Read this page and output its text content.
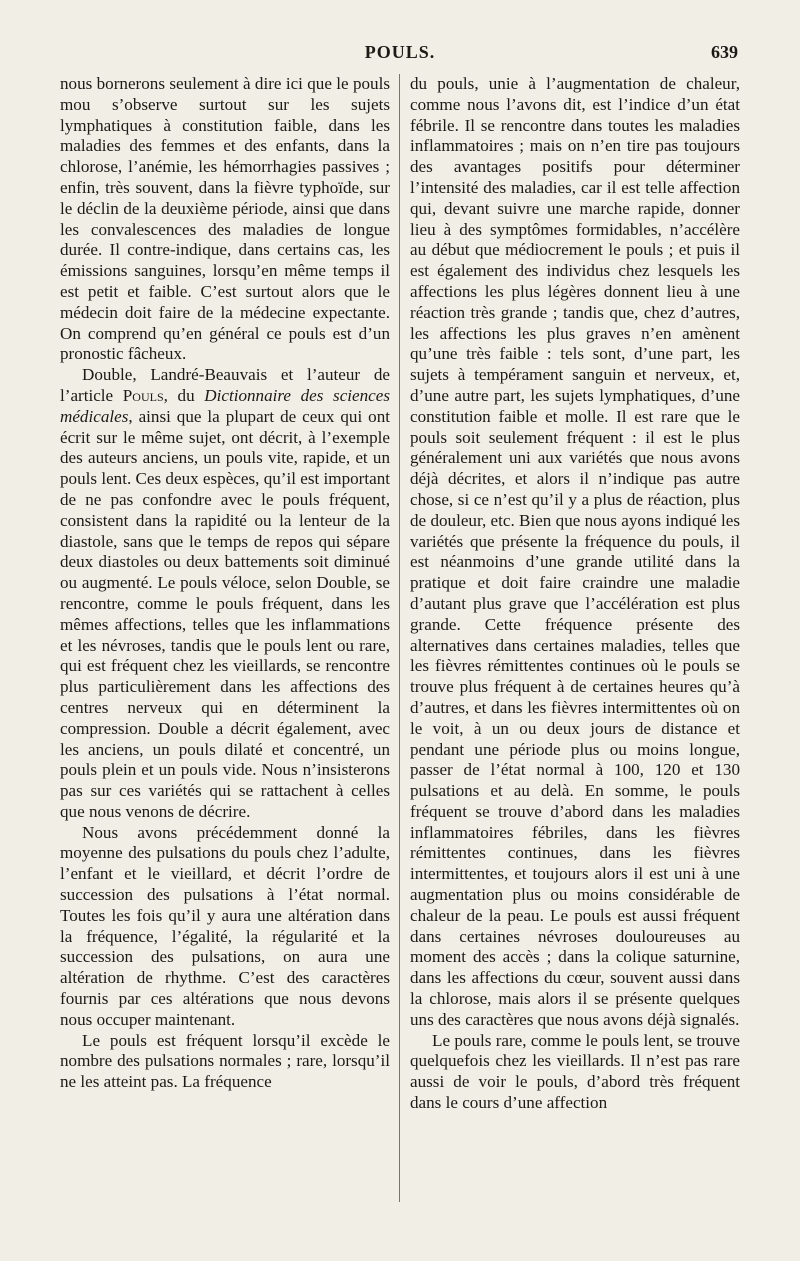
POULS.	639

nous bornerons seulement à dire ici que le pouls mou s’observe surtout sur les sujets lymphatiques à constitution faible, dans les maladies des femmes et des enfants, dans la chlorose, l’anémie, les hémorrhagies passives ; enfin, très souvent, dans la fièvre typhoïde, sur le déclin de la deuxième période, ainsi que dans les convalescences des maladies de longue durée. Il contre-indique, dans certains cas, les émissions sanguines, lorsqu’en même temps il est petit et faible. C’est surtout alors que le médecin doit faire de la médecine expectante. On comprend qu’en général ce pouls est d’un pronostic fâcheux.

Double, Landré-Beauvais et l’auteur de l’article Pouls, du Dictionnaire des sciences médicales, ainsi que la plupart de ceux qui ont écrit sur le même sujet, ont décrit, à l’exemple des auteurs anciens, un pouls vite, rapide, et un pouls lent. Ces deux espèces, qu’il est important de ne pas confondre avec le pouls fréquent, consistent dans la rapidité ou la lenteur de la diastole, sans que le temps de repos qui sépare deux diastoles ou deux battements soit diminué ou augmenté. Le pouls véloce, selon Double, se rencontre, comme le pouls fréquent, dans les mêmes affections, telles que les inflammations et les névroses, tandis que le pouls lent ou rare, qui est fréquent chez les vieillards, se rencontre plus particulièrement dans les affections des centres nerveux qui en déterminent la compression. Double a décrit également, avec les anciens, un pouls dilaté et concentré, un pouls plein et un pouls vide. Nous n’insisterons pas sur ces variétés qui se rattachent à celles que nous venons de décrire.

Nous avons précédemment donné la moyenne des pulsations du pouls chez l’adulte, l’enfant et le vieillard, et décrit l’ordre de succession des pulsations à l’état normal. Toutes les fois qu’il y aura une altération dans la fréquence, l’égalité, la régularité et la succession des pulsations, on aura une altération de rhythme. C’est des caractères fournis par ces altérations que nous devons nous occuper maintenant.

Le pouls est fréquent lorsqu’il excède le nombre des pulsations normales ; rare, lorsqu’il ne les atteint pas. La fréquence

du pouls, unie à l’augmentation de chaleur, comme nous l’avons dit, est l’indice d’un état fébrile. Il se rencontre dans toutes les maladies inflammatoires ; mais on n’en tire pas toujours des avantages positifs pour déterminer l’intensité des maladies, car il est telle affection qui, devant suivre une marche rapide, donner lieu à des symptômes formidables, n’accélère au début que médiocrement le pouls ; et puis il est également des individus chez lesquels les affections les plus légères donnent lieu à une réaction très grande ; tandis que, chez d’autres, les affections les plus graves n’en amènent qu’une très faible : tels sont, d’une part, les sujets à tempérament sanguin et nerveux, et, d’une autre part, les sujets lymphatiques, d’une constitution faible et molle. Il est rare que le pouls soit seulement fréquent : il est le plus généralement uni aux variétés que nous avons déjà décrites, et alors il n’indique pas autre chose, si ce n’est qu’il y a plus de réaction, plus de douleur, etc. Bien que nous ayons indiqué les variétés que présente la fréquence du pouls, il est néanmoins d’une grande utilité dans la pratique et doit faire craindre une maladie d’autant plus grave que l’accélération est plus grande. Cette fréquence présente des alternatives dans certaines maladies, telles que les fièvres rémittentes continues où le pouls se trouve plus fréquent à de certaines heures qu’à d’autres, et dans les fièvres intermittentes où on le voit, à un ou deux jours de distance et pendant une période plus ou moins longue, passer de l’état normal à 100, 120 et 130 pulsations et au delà. En somme, le pouls fréquent se trouve d’abord dans les maladies inflammatoires fébriles, dans les fièvres rémittentes continues, dans les fièvres intermittentes, et toujours alors il est uni à une augmentation plus ou moins considérable de chaleur de la peau. Le pouls est aussi fréquent dans certaines névroses douloureuses au moment des accès ; dans la colique saturnine, dans les affections du cœur, souvent aussi dans la chlorose, mais alors il se présente quelques uns des caractères que nous avons déjà signalés.

Le pouls rare, comme le pouls lent, se trouve quelquefois chez les vieillards. Il n’est pas rare aussi de voir le pouls, d’abord très fréquent dans le cours d’une affection
